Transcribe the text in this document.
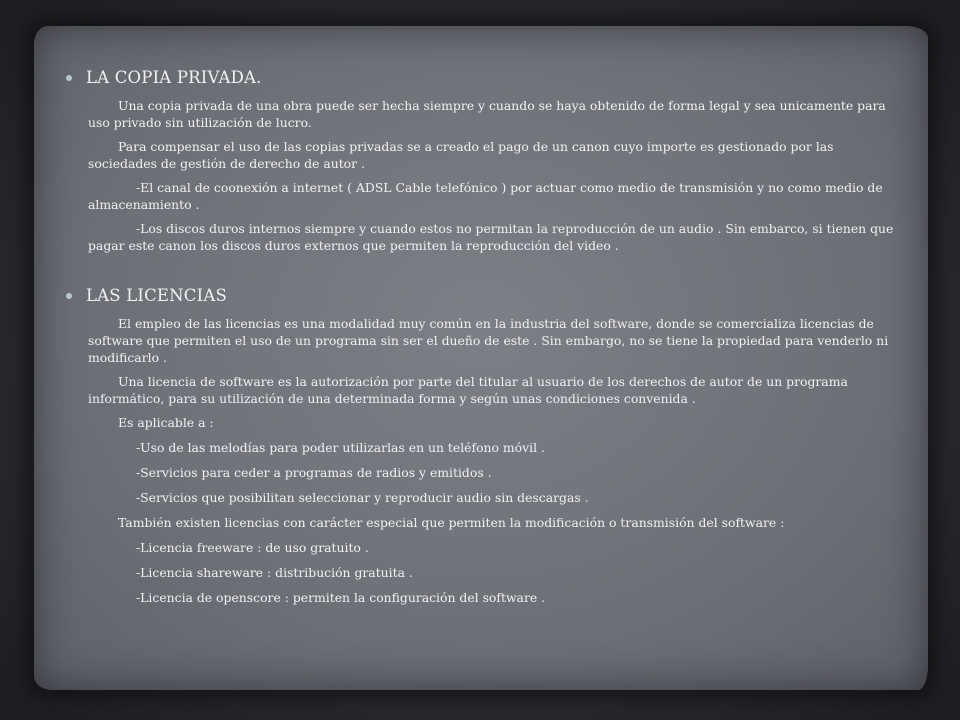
LA COPIA PRIVADA.

Una copia privada de una obra puede ser hecha siempre y cuando se haya obtenido de forma legal y sea unicamente para uso privado sin utilización de lucro.

Para compensar el uso de las copias privadas se a creado el pago de un canon cuyo importe es gestionado por las sociedades de gestión de derecho de autor .

-El canal de coonexión a internet ( ADSL Cable telefónico ) por actuar como medio de transmisión y no como medio de almacenamiento .

-Los discos duros internos siempre y cuando estos no permitan la reproducción de un audio . Sin embarco, si tienen que pagar este canon los discos duros externos que permiten la reproducción del video .

LAS LICENCIAS

El empleo de las licencias es una modalidad muy común en la industria del software, donde se comercializa licencias de software que permiten el uso de un programa sin ser el dueño de este . Sin embargo, no se tiene la propiedad para venderlo ni modificarlo .

Una licencia de software es la autorización por parte del titular al usuario de los derechos de autor de un programa informático, para su utilización de una determinada forma y según unas condiciones convenida .

Es aplicable a :

-Uso de las melodías para poder utilizarlas en un teléfono móvil .

-Servicios para ceder a programas de radios y emitidos .

-Servicios que posibilitan seleccionar y reproducir audio sin descargas .

También existen licencias con carácter especial que permiten la modificación o transmisión del software :

-Licencia freeware : de uso gratuito .

-Licencia shareware : distribución gratuita .

-Licencia de openscore : permiten la configuración del software .
